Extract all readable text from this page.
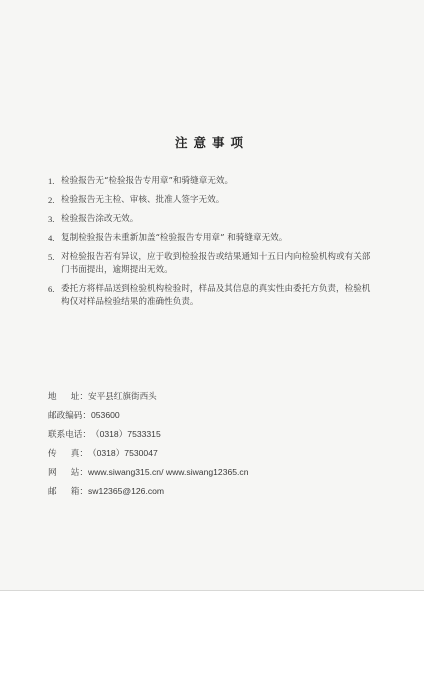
注意事项
1. 检验报告无“检验报告专用章”和骑缝章无效。
2. 检验报告无主检、审核、批准人签字无效。
3. 检验报告涂改无效。
4. 复制检验报告未重新加盖“检验报告专用章” 和骑缝章无效。
5. 对检验报告若有异议，应于收到检验报告或结果通知十五日内向检验机构或有关部门书面提出，逾期提出无效。
6. 委托方将样品送到检验机构检验时，样品及其信息的真实性由委托方负责，检验机构仅对样品检验结果的准确性负责。
地 址： 安平县红旗街西头
邮政编码： 053600
联系电话： （0318）7533315
传 真： （0318）7530047
网 站： www.siwang315.cn/ www.siwang12365.cn
邮 箱： sw12365@126.com
